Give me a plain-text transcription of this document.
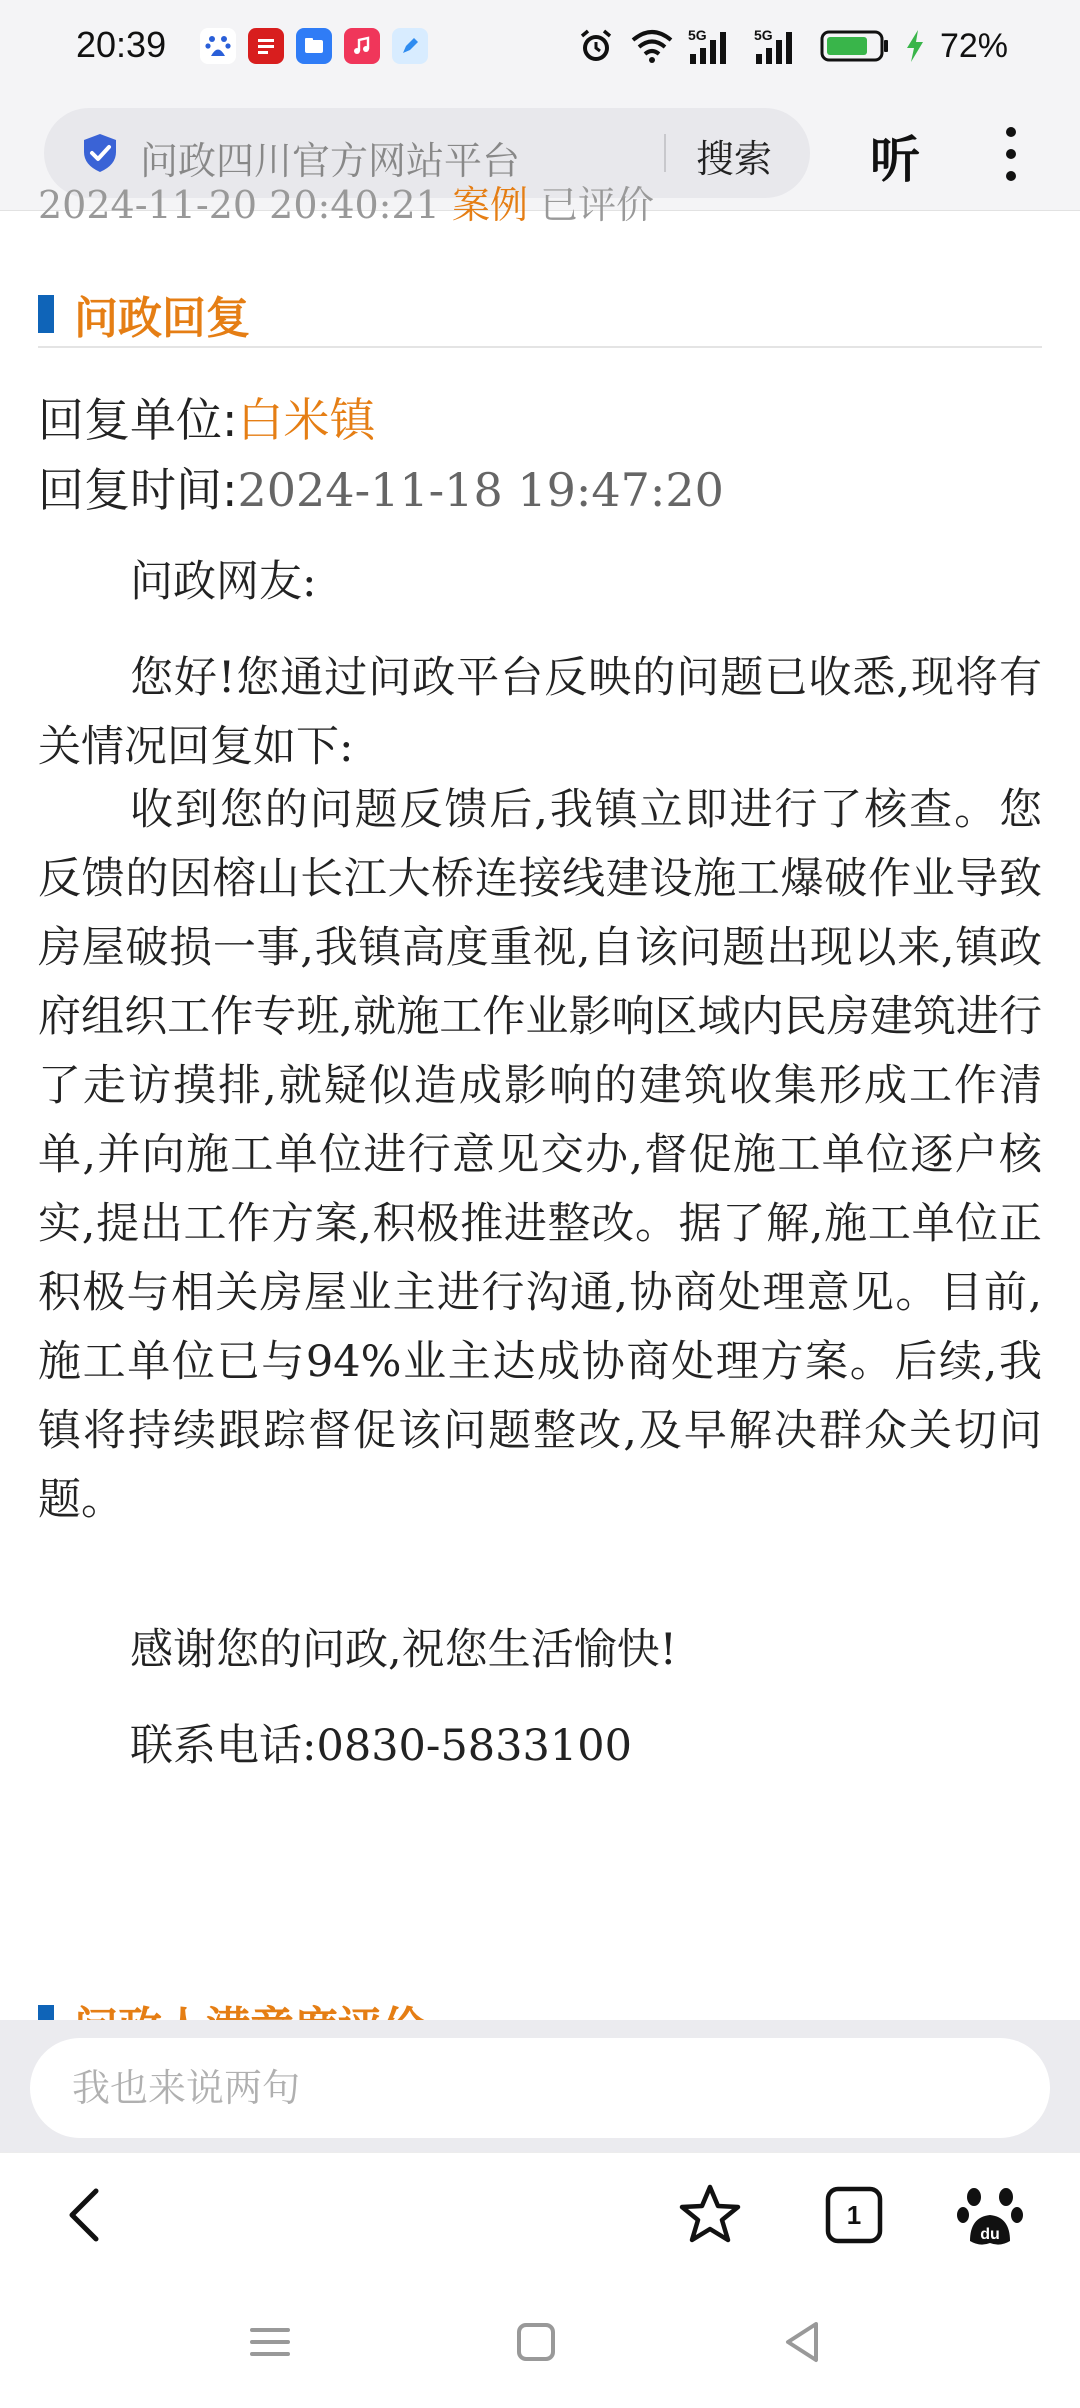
20:39	5G	5G	72%
问政四川官方网站平台	搜索 听
2024-11-20 20:40:21 案例 已评价
问政回复
回复单位:白米镇
回复时间:2024-11-18 19:47:20

问政网友:

您好!您通过问政平台反映的问题已收悉,现将有关情况回复如下:

收到您的问题反馈后,我镇立即进行了核查。您反馈的因榕山长江大桥连接线建设施工爆破作业导致房屋破损一事,我镇高度重视,自该问题出现以来,镇政府组织工作专班,就施工作业影响区域内民房建筑进行了走访摸排,就疑似造成影响的建筑收集形成工作清单,并向施工单位进行意见交办,督促施工单位逐户核实,提出工作方案,积极推进整改。据了解,施工单位正积极与相关房屋业主进行沟通,协商处理意见。目前,施工单位已与94%业主达成协商处理方案。后续,我镇将持续跟踪督促该问题整改,及早解决群众关切问题。

感谢您的问政,祝您生活愉快!

联系电话:0830-5833100

我也来说两句
1
du
